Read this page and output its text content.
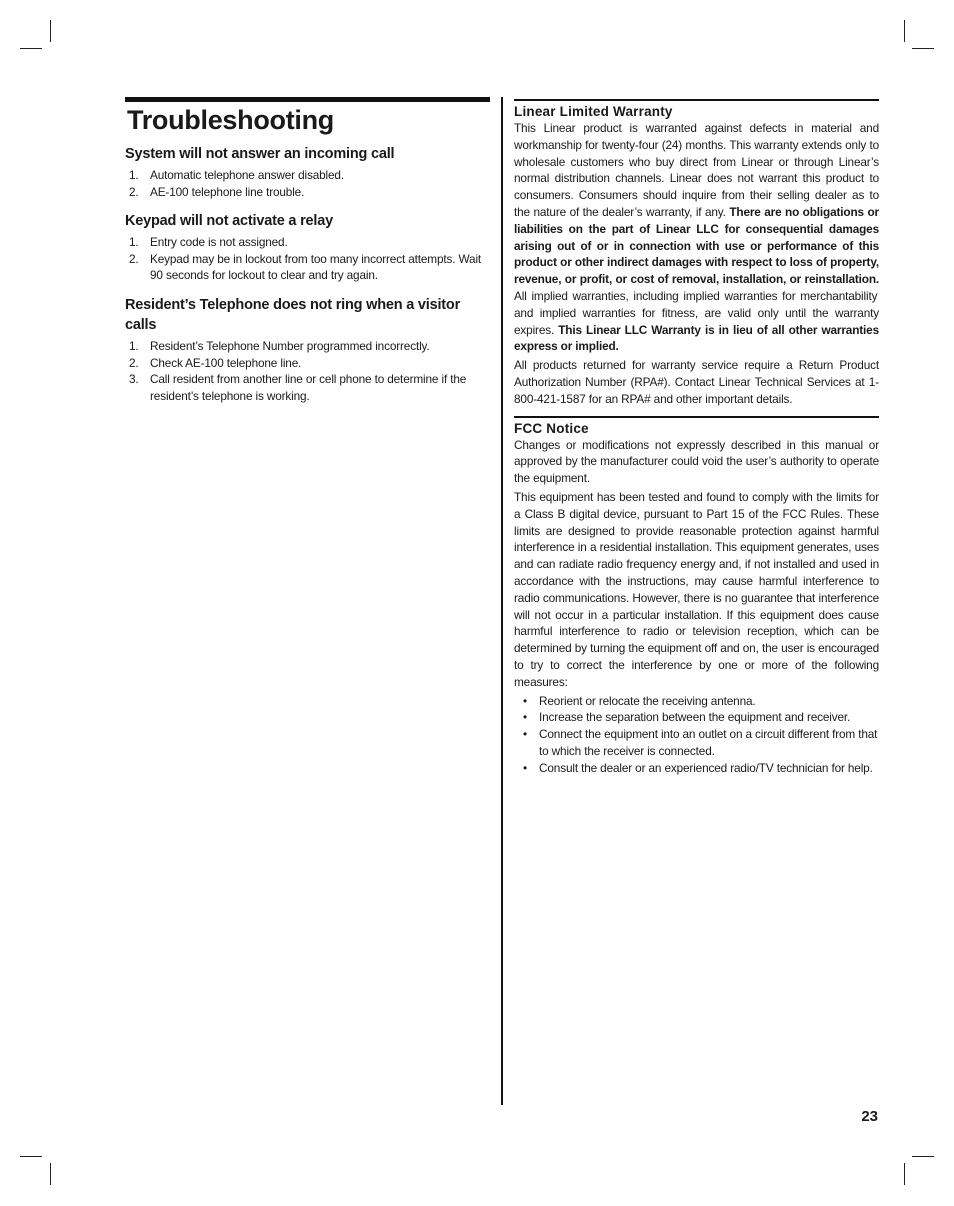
Troubleshooting
System will not answer an incoming call
1. Automatic telephone answer disabled.
2. AE-100 telephone line trouble.
Keypad will not activate a relay
1. Entry code is not assigned.
2. Keypad may be in lockout from too many incorrect attempts. Wait 90 seconds for lockout to clear and try again.
Resident’s Telephone does not ring when a visitor calls
1. Resident’s Telephone Number programmed incorrectly.
2. Check AE-100 telephone line.
3. Call resident from another line or cell phone to determine if the resident’s telephone is working.
Linear Limited Warranty

This Linear product is warranted against defects in material and workmanship for twenty-four (24) months. This warranty extends only to wholesale customers who buy direct from Linear or through Linear’s normal distribution channels. Linear does not warrant this product to consumers. Consumers should inquire from their selling dealer as to the nature of the dealer’s warranty, if any. There are no obligations or liabilities on the part of Linear LLC for consequential damages arising out of or in connection with use or performance of this product or other indirect damages with respect to loss of property, revenue, or profit, or cost of removal, installation, or reinstallation. All implied warranties, including implied warranties for merchantability and implied warranties for fitness, are valid only until the warranty expires. This Linear LLC Warranty is in lieu of all other warranties express or implied.

All products returned for warranty service require a Return Product Authorization Number (RPA#). Contact Linear Technical Services at 1-800-421-1587 for an RPA# and other important details.

FCC Notice

Changes or modifications not expressly described in this manual or approved by the manufacturer could void the user’s authority to operate the equipment.

This equipment has been tested and found to comply with the limits for a Class B digital device, pursuant to Part 15 of the FCC Rules. These limits are designed to provide reasonable protection against harmful interference in a residential installation. This equipment generates, uses and can radiate radio frequency energy and, if not installed and used in accordance with the instructions, may cause harmful interference to radio communications. However, there is no guarantee that interference will not occur in a particular installation. If this equipment does cause harmful interference to radio or television reception, which can be determined by turning the equipment off and on, the user is encouraged to try to correct the interference by one or more of the following measures:

• Reorient or relocate the receiving antenna.
• Increase the separation between the equipment and receiver.
• Connect the equipment into an outlet on a circuit different from that to which the receiver is connected.
• Consult the dealer or an experienced radio/TV technician for help.
23
